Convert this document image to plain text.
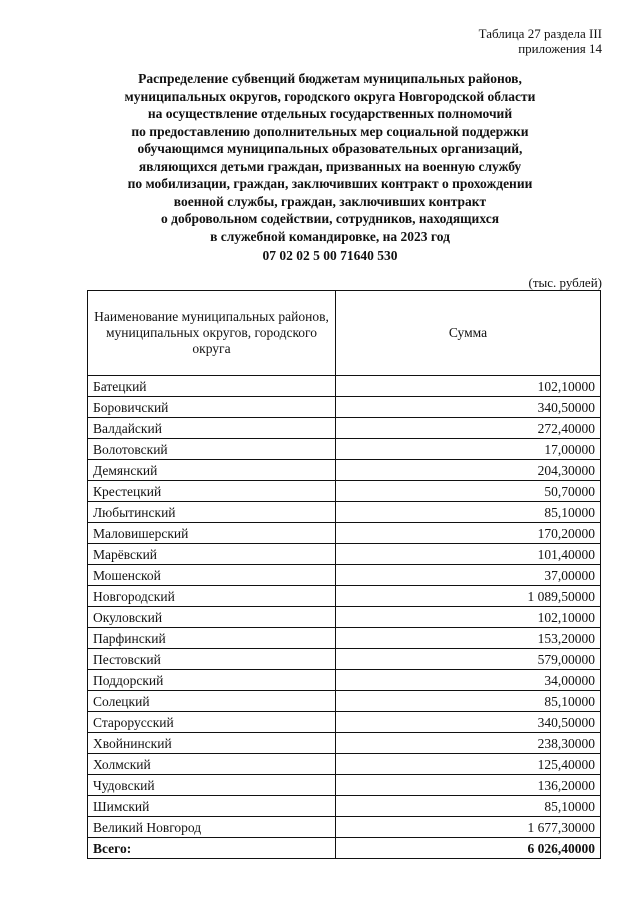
Таблица 27 раздела III
приложения 14
Распределение субвенций бюджетам муниципальных районов,
муниципальных округов, городского округа Новгородской области
на осуществление отдельных государственных полномочий
по предоставлению дополнительных мер социальной поддержки
обучающимся муниципальных образовательных организаций,
являющихся детьми граждан, призванных на военную службу
по мобилизации, граждан, заключивших контракт о прохождении
военной службы, граждан, заключивших контракт
о добровольном содействии, сотрудников, находящихся
в служебной командировке, на 2023 год
07 02 02 5 00 71640 530
(тыс. рублей)
Наименование муниципальных районов, муниципальных округов, городского округа	Сумма
Батецкий	102,10000
Боровичский	340,50000
Валдайский	272,40000
Волотовский	17,00000
Демянский	204,30000
Крестецкий	50,70000
Любытинский	85,10000
Маловишерский	170,20000
Марёвский	101,40000
Мошенской	37,00000
Новгородский	1 089,50000
Окуловский	102,10000
Парфинский	153,20000
Пестовский	579,00000
Поддорский	34,00000
Солецкий	85,10000
Старорусский	340,50000
Хвойнинский	238,30000
Холмский	125,40000
Чудовский	136,20000
Шимский	85,10000
Великий Новгород	1 677,30000
Всего:	6 026,40000
